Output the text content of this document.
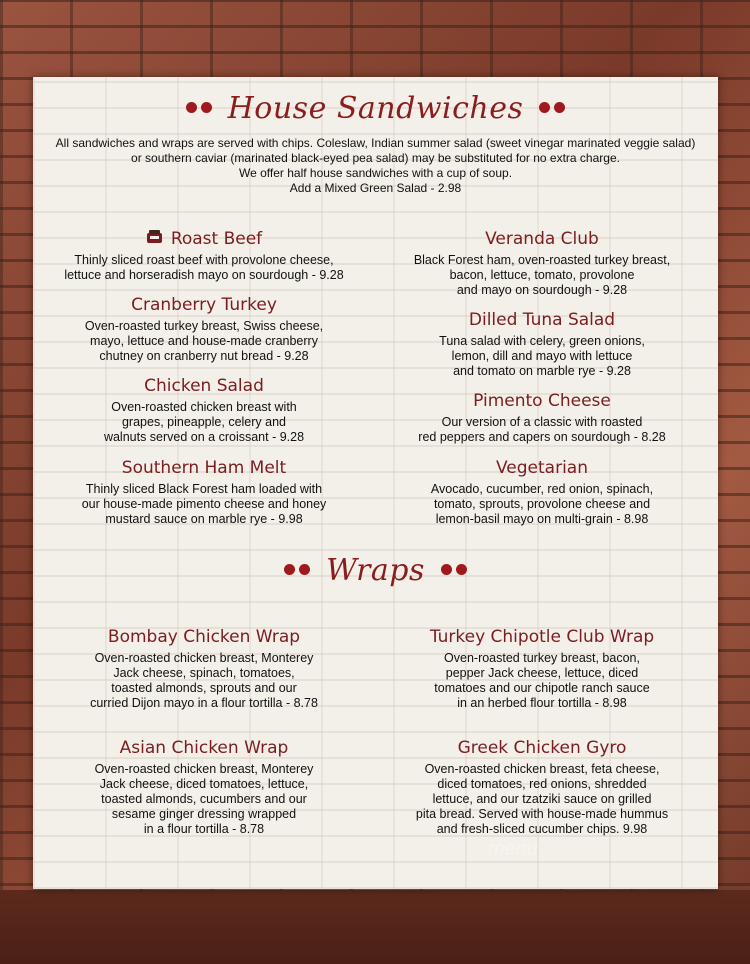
House Sandwiches
All sandwiches and wraps are served with chips. Coleslaw, Indian summer salad (sweet vinegar marinated veggie salad)
or southern caviar (marinated black-eyed pea salad) may be substituted for no extra charge.
We offer half house sandwiches with a cup of soup.
Add a Mixed Green Salad - 2.98
Roast Beef
Thinly sliced roast beef with provolone cheese,
lettuce and horseradish mayo on sourdough - 9.28
Cranberry Turkey
Oven-roasted turkey breast, Swiss cheese,
mayo, lettuce and house-made cranberry
chutney on cranberry nut bread - 9.28
Chicken Salad
Oven-roasted chicken breast with
grapes, pineapple, celery and
walnuts served on a croissant - 9.28
Southern Ham Melt
Thinly sliced Black Forest ham loaded with
our house-made pimento cheese and honey
mustard sauce on marble rye - 9.98
Veranda Club
Black Forest ham, oven-roasted turkey breast,
bacon, lettuce, tomato, provolone
and mayo on sourdough - 9.28
Dilled Tuna Salad
Tuna salad with celery, green onions,
lemon, dill and mayo with lettuce
and tomato on marble rye - 9.28
Pimento Cheese
Our version of a classic with roasted
red peppers and capers on sourdough - 8.28
Vegetarian
Avocado, cucumber, red onion, spinach,
tomato, sprouts, provolone cheese and
lemon-basil mayo on multi-grain - 8.98
Wraps
Bombay Chicken Wrap
Oven-roasted chicken breast, Monterey
Jack cheese, spinach, tomatoes,
toasted almonds, sprouts and our
curried Dijon mayo in a flour tortilla - 8.78
Asian Chicken Wrap
Oven-roasted chicken breast, Monterey
Jack cheese, diced tomatoes, lettuce,
toasted almonds, cucumbers and our
sesame ginger dressing wrapped
in a flour tortilla - 8.78
Turkey Chipotle Club Wrap
Oven-roasted turkey breast, bacon,
pepper Jack cheese, lettuce, diced
tomatoes and our chipotle ranch sauce
in an herbed flour tortilla - 8.98
Greek Chicken Gyro
Oven-roasted chicken breast, feta cheese,
diced tomatoes, red onions, shredded
lettuce, and our tzatziki sauce on grilled
pita bread. Served with house-made hummus
and fresh-sliced cucumber chips. 9.98
menu
